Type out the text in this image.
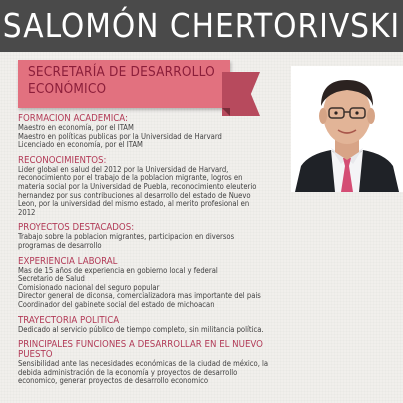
SALOMÓN CHERTORIVSKI
SECRETARÍA DE DESARROLLO
ECONÓMICO
FORMACION ACADEMICA:
Maestro en economía, por el ITAM
Maestro en políticas publicas por la Universidad de Harvard
Licenciado en economía, por el ITAM
RECONOCIMIENTOS:
Lider global en salud del 2012 por la Universidad de Harvard,
reconocimiento por el trabajo de la poblacion migrante, logros en
materia social por la Universidad de Puebla, reconocimiento eleuterio
hernandez por sus contribuciones al desarrollo del estado de Nuevo
Leon, por la universidad del mismo estado, al merito profesional en
2012
PROYECTOS DESTACADOS:
Trabajo sobre la poblacion migrantes, participacion en diversos
programas de desarrollo
EXPERIENCIA LABORAL
Mas de 15 años de experiencia en gobierno local y federal
Secretario de Salud
Comisionado nacional del seguro popular
Director general de diconsa, comercializadora mas importante del pais
Coordinador del gabinete social del estado de michoacan
TRAYECTORIA POLITICA
Dedicado al servicio público de tiempo completo, sin militancia política.
PRINCIPALES FUNCIONES A DESARROLLAR EN EL NUEVO
PUESTO
Sensibilidad ante las necesidades económicas de la ciudad de méxico, la
debida administración de la economía y proyectos de desarrollo
economico, generar proyectos de desarrollo economico
